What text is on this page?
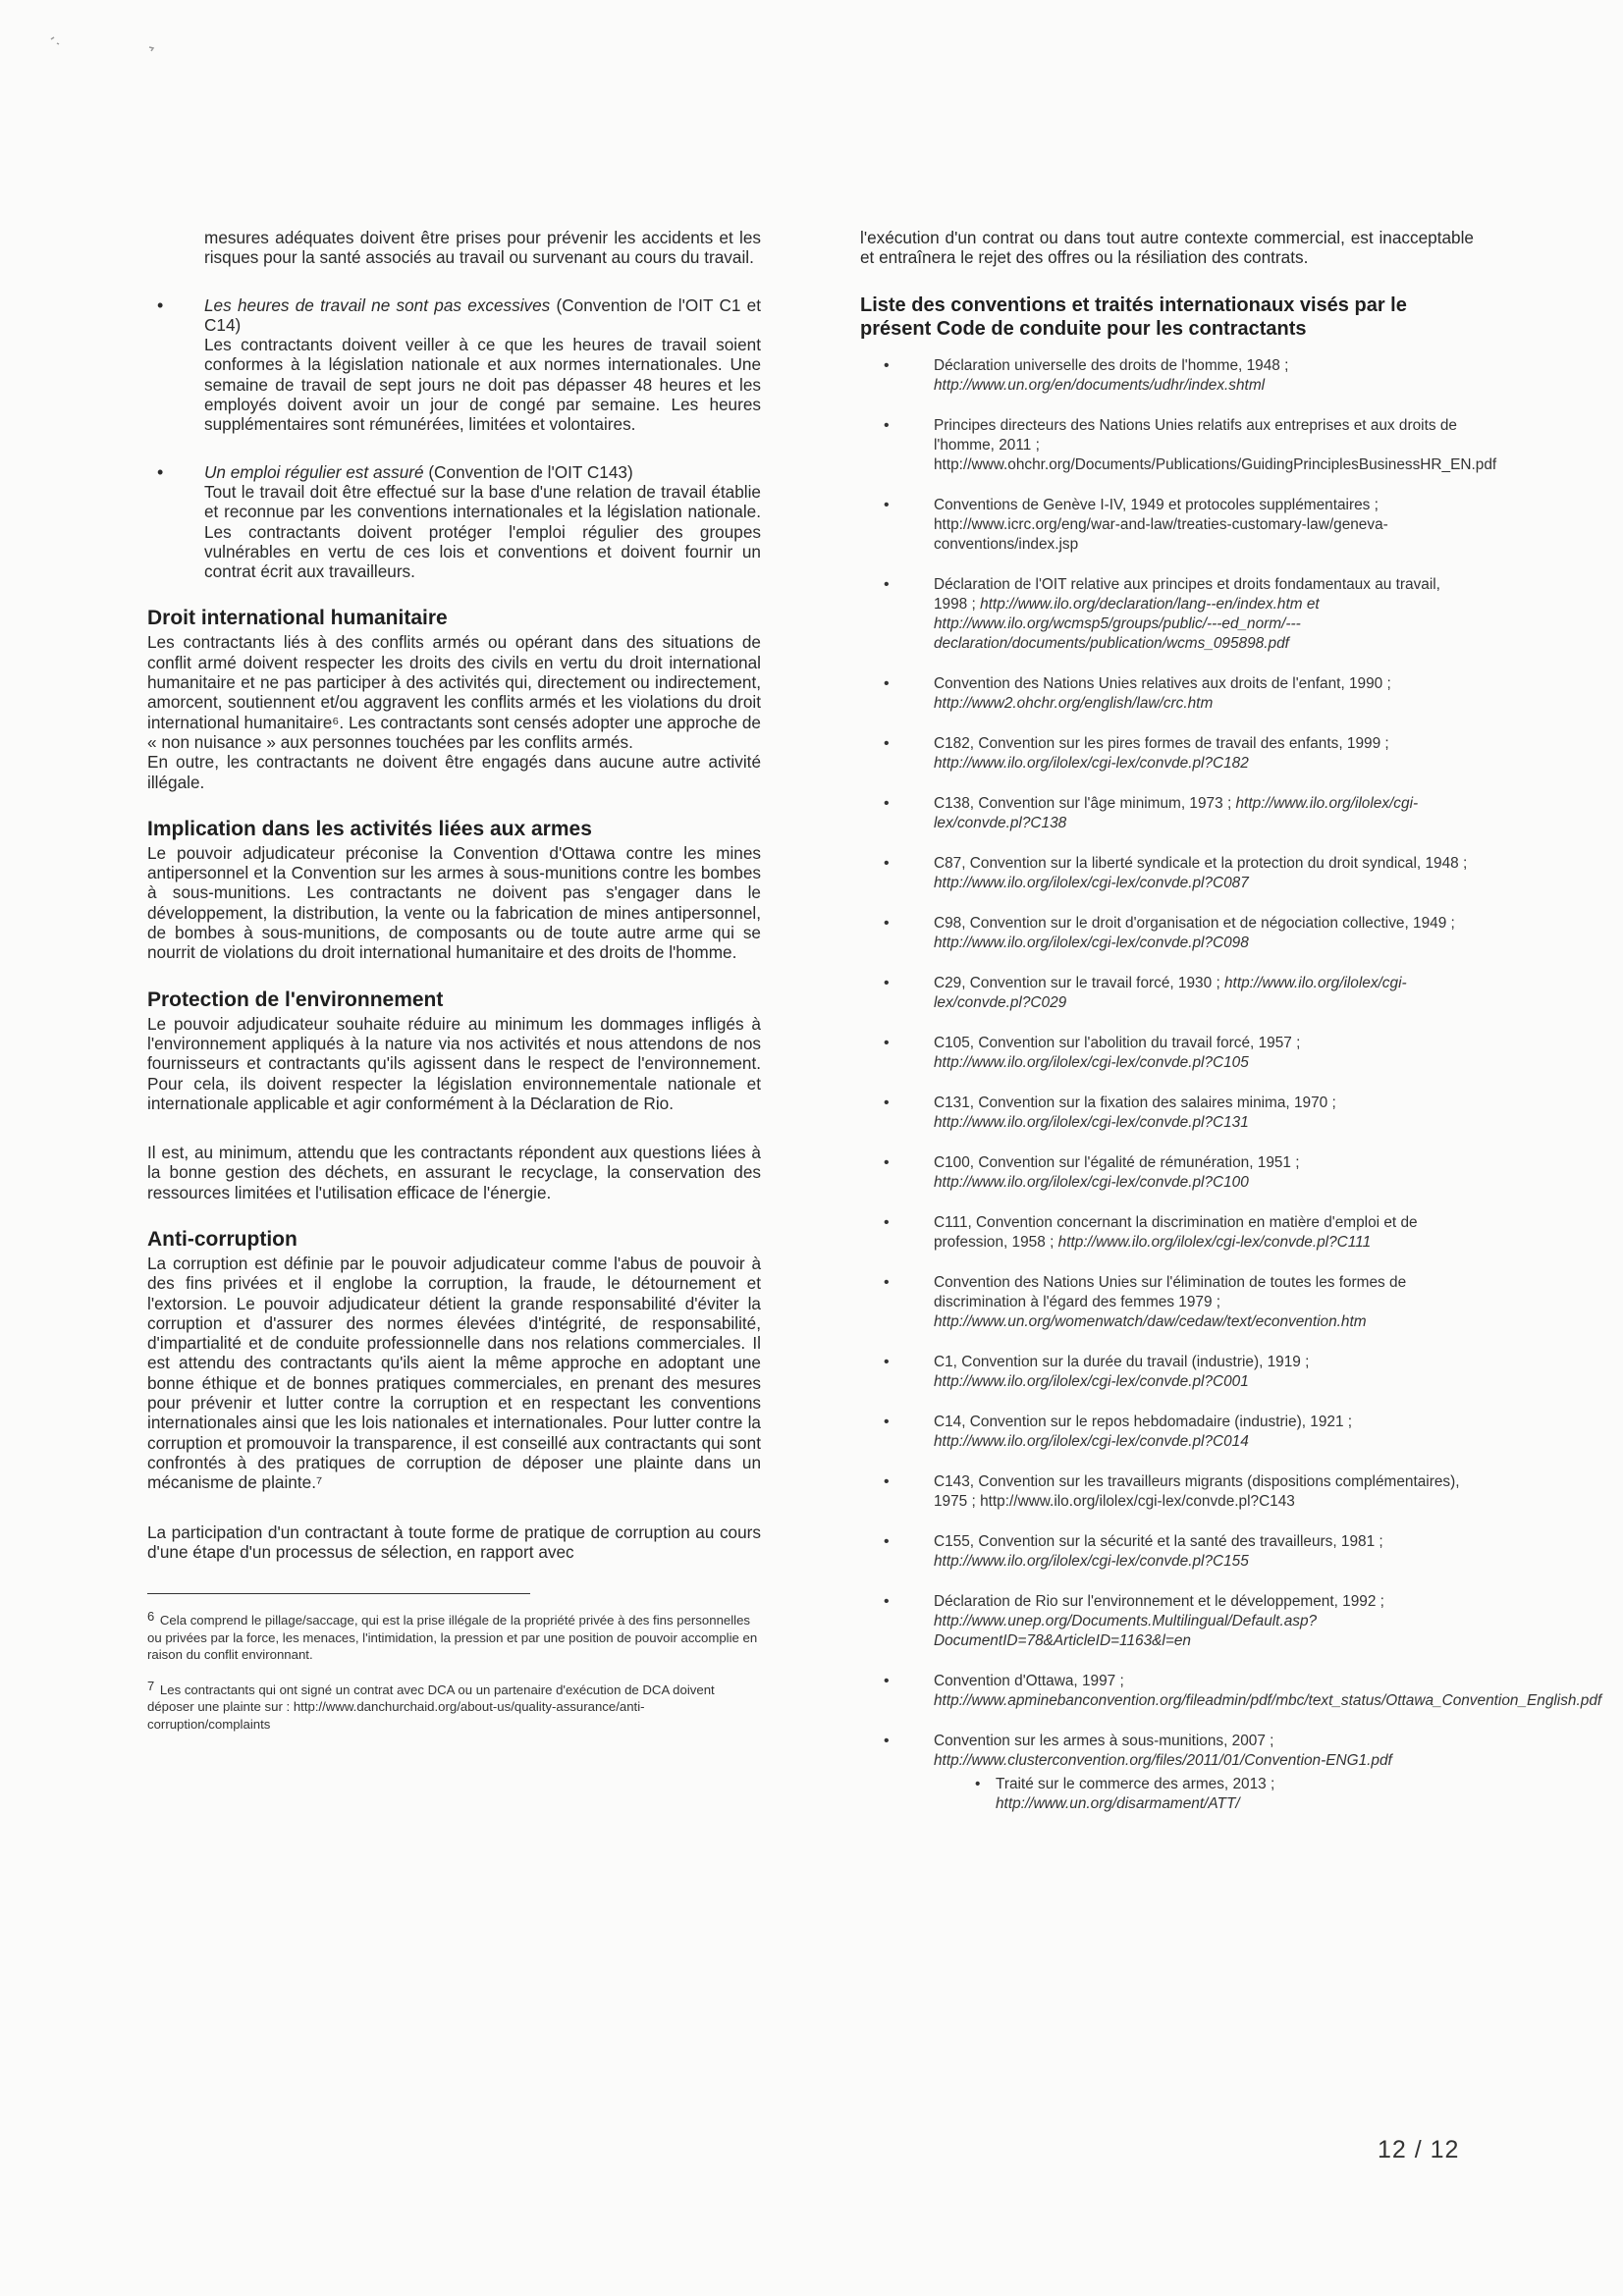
mesures adéquates doivent être prises pour prévenir les accidents et les risques pour la santé associés au travail ou survenant au cours du travail.

• Les heures de travail ne sont pas excessives (Convention de l'OIT C1 et C14)

Les contractants doivent veiller à ce que les heures de travail soient conformes à la législation nationale et aux normes internationales. Une semaine de travail de sept jours ne doit pas dépasser 48 heures et les employés doivent avoir un jour de congé par semaine. Les heures supplémentaires sont rémunérées, limitées et volontaires.

• Un emploi régulier est assuré (Convention de l'OIT C143)

Tout le travail doit être effectué sur la base d'une relation de travail établie et reconnue par les conventions internationales et la législation nationale. Les contractants doivent protéger l'emploi régulier des groupes vulnérables en vertu de ces lois et conventions et doivent fournir un contrat écrit aux travailleurs.

Droit international humanitaire

Les contractants liés à des conflits armés ou opérant dans des situations de conflit armé doivent respecter les droits des civils en vertu du droit international humanitaire et ne pas participer à des activités qui, directement ou indirectement, amorcent, soutiennent et/ou aggravent les conflits armés et les violations du droit international humanitaire⁶. Les contractants sont censés adopter une approche de « non nuisance » aux personnes touchées par les conflits armés.

En outre, les contractants ne doivent être engagés dans aucune autre activité illégale.

Implication dans les activités liées aux armes

Le pouvoir adjudicateur préconise la Convention d'Ottawa contre les mines antipersonnel et la Convention sur les armes à sous-munitions contre les bombes à sous-munitions. Les contractants ne doivent pas s'engager dans le développement, la distribution, la vente ou la fabrication de mines antipersonnel, de bombes à sous-munitions, de composants ou de toute autre arme qui se nourrit de violations du droit international humanitaire et des droits de l'homme.

Protection de l'environnement

Le pouvoir adjudicateur souhaite réduire au minimum les dommages infligés à l'environnement appliqués à la nature via nos activités et nous attendons de nos fournisseurs et contractants qu'ils agissent dans le respect de l'environnement. Pour cela, ils doivent respecter la législation environnementale nationale et internationale applicable et agir conformément à la Déclaration de Rio.

Il est, au minimum, attendu que les contractants répondent aux questions liées à la bonne gestion des déchets, en assurant le recyclage, la conservation des ressources limitées et l'utilisation efficace de l'énergie.

Anti-corruption

La corruption est définie par le pouvoir adjudicateur comme l'abus de pouvoir à des fins privées et il englobe la corruption, la fraude, le détournement et l'extorsion. Le pouvoir adjudicateur détient la grande responsabilité d'éviter la corruption et d'assurer des normes élevées d'intégrité, de responsabilité, d'impartialité et de conduite professionnelle dans nos relations commerciales. Il est attendu des contractants qu'ils aient la même approche en adoptant une bonne éthique et de bonnes pratiques commerciales, en prenant des mesures pour prévenir et lutter contre la corruption et en respectant les conventions internationales ainsi que les lois nationales et internationales. Pour lutter contre la corruption et promouvoir la transparence, il est conseillé aux contractants qui sont confrontés à des pratiques de corruption de déposer une plainte dans un mécanisme de plainte.⁷

La participation d'un contractant à toute forme de pratique de corruption au cours d'une étape d'un processus de sélection, en rapport avec

$^6$ Cela comprend le pillage/saccage, qui est la prise illégale de la propriété privée à des fins personnelles ou privées par la force, les menaces, l'intimidation, la pression et par une position de pouvoir accomplie en raison du conflit environnant.

$^7$ Les contractants qui ont signé un contrat avec DCA ou un partenaire d'exécution de DCA doivent déposer une plainte sur : http://www.danchurchaid.org/about-us/quality-assurance/anti-corruption/complaints

l'exécution d'un contrat ou dans tout autre contexte commercial, est inacceptable et entraînera le rejet des offres ou la résiliation des contrats.

Liste des conventions et traités internationaux visés par le présent Code de conduite pour les contractants

•	Déclaration universelle des droits de l'homme, 1948 ; http://www.un.org/en/documents/udhr/index.shtml
•	Principes directeurs des Nations Unies relatifs aux entreprises et aux droits de l'homme, 2011 ; http://www.ohchr.org/Documents/Publications/GuidingPrinciplesBusinessHR_EN.pdf
•	Conventions de Genève I-IV, 1949 et protocoles supplémentaires ; http://www.icrc.org/eng/war-and-law/treaties-customary-law/geneva-conventions/index.jsp
•	Déclaration de l'OIT relative aux principes et droits fondamentaux au travail, 1998 ; http://www.ilo.org/declaration/lang--en/index.htm et http://www.ilo.org/wcmsp5/groups/public/---ed_norm/---declaration/documents/publication/wcms_095898.pdf
•	Convention des Nations Unies relatives aux droits de l'enfant, 1990 ; http://www2.ohchr.org/english/law/crc.htm
•	C182, Convention sur les pires formes de travail des enfants, 1999 ; http://www.ilo.org/ilolex/cgi-lex/convde.pl?C182
•	C138, Convention sur l'âge minimum, 1973 ; http://www.ilo.org/ilolex/cgi-lex/convde.pl?C138
•	C87, Convention sur la liberté syndicale et la protection du droit syndical, 1948 ; http://www.ilo.org/ilolex/cgi-lex/convde.pl?C087
•	C98, Convention sur le droit d'organisation et de négociation collective, 1949 ; http://www.ilo.org/ilolex/cgi-lex/convde.pl?C098
•	C29, Convention sur le travail forcé, 1930 ; http://www.ilo.org/ilolex/cgi-lex/convde.pl?C029
•	C105, Convention sur l'abolition du travail forcé, 1957 ; http://www.ilo.org/ilolex/cgi-lex/convde.pl?C105
•	C131, Convention sur la fixation des salaires minima, 1970 ; http://www.ilo.org/ilolex/cgi-lex/convde.pl?C131
•	C100, Convention sur l'égalité de rémunération, 1951 ; http://www.ilo.org/ilolex/cgi-lex/convde.pl?C100
•	C111, Convention concernant la discrimination en matière d'emploi et de profession, 1958 ; http://www.ilo.org/ilolex/cgi-lex/convde.pl?C111
•	Convention des Nations Unies sur l'élimination de toutes les formes de discrimination à l'égard des femmes 1979 ; http://www.un.org/womenwatch/daw/cedaw/text/econvention.htm
•	C1, Convention sur la durée du travail (industrie), 1919 ; http://www.ilo.org/ilolex/cgi-lex/convde.pl?C001
•	C14, Convention sur le repos hebdomadaire (industrie), 1921 ; http://www.ilo.org/ilolex/cgi-lex/convde.pl?C014
•	C143, Convention sur les travailleurs migrants (dispositions complémentaires), 1975 ; http://www.ilo.org/ilolex/cgi-lex/convde.pl?C143
•	C155, Convention sur la sécurité et la santé des travailleurs, 1981 ; http://www.ilo.org/ilolex/cgi-lex/convde.pl?C155
•	Déclaration de Rio sur l'environnement et le développement, 1992 ; http://www.unep.org/Documents.Multilingual/Default.asp?DocumentID=78&ArticleID=1163&l=en
•	Convention d'Ottawa, 1997 ; http://www.apminebanconvention.org/fileadmin/pdf/mbc/text_status/Ottawa_Convention_English.pdf
•	Convention sur les armes à sous-munitions, 2007 ; http://www.clusterconvention.org/files/2011/01/Convention-ENG1.pdf

• Traité sur le commerce des armes, 2013 ; http://www.un.org/disarmament/ATT/

12 / 12
